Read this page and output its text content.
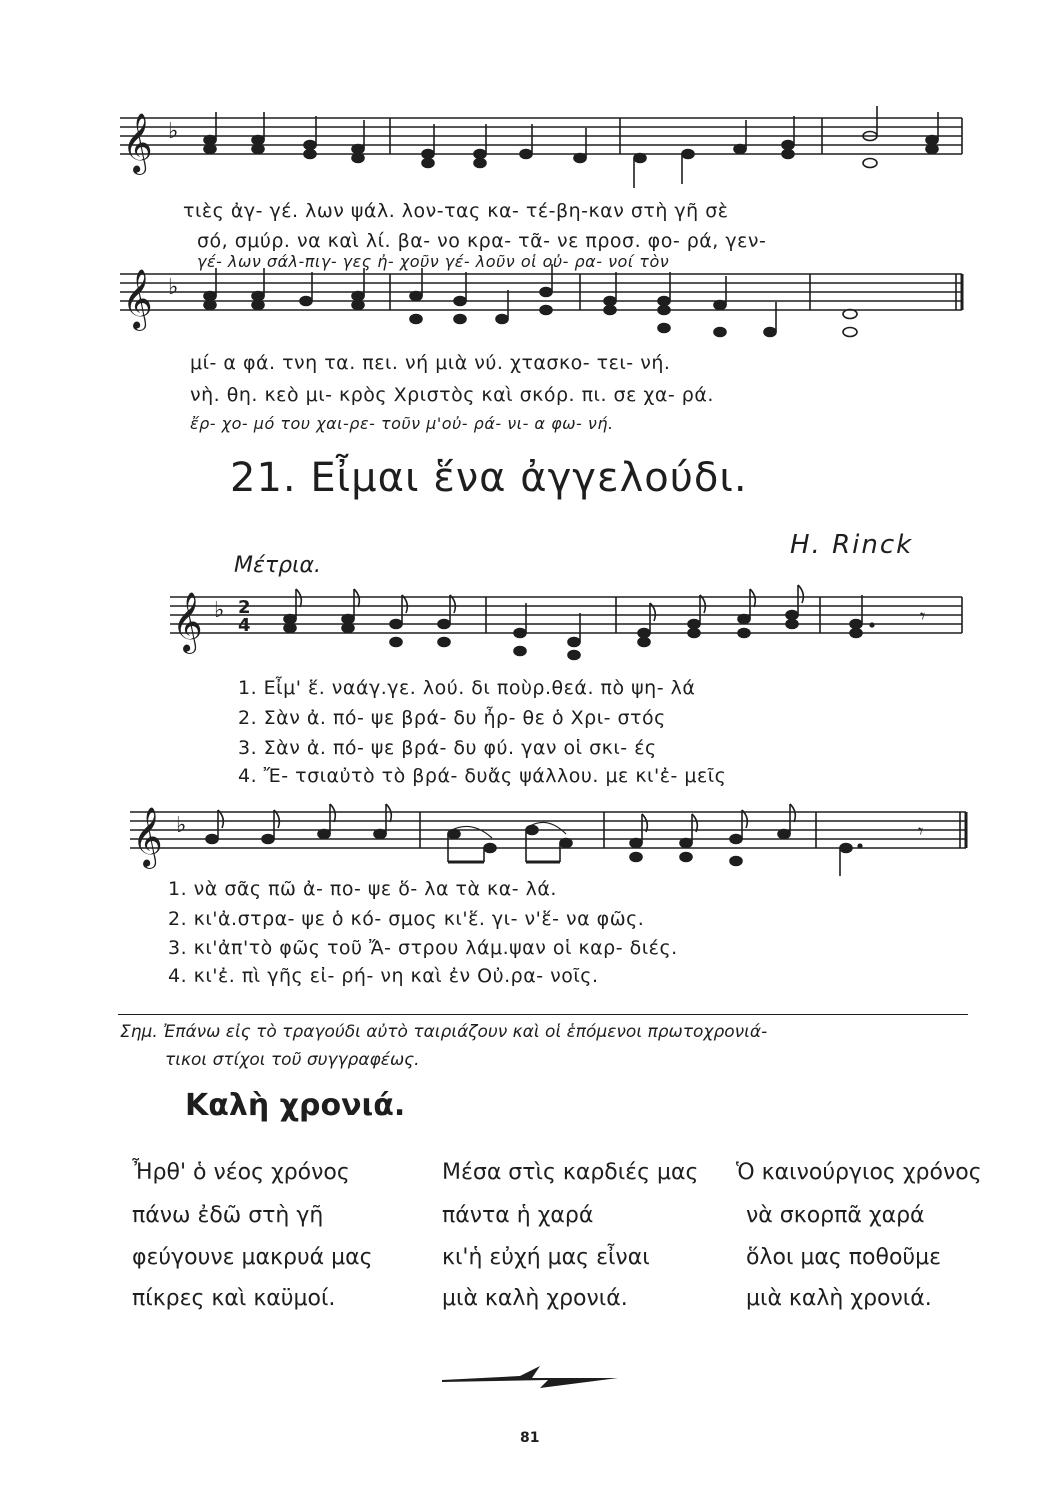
𝄞 ♭
τιὲς ἀγ- γέ. λων ψάλ. λον-τας κα- τέ-βη-καν στὴ γῆ σὲ
σό, σμύρ. να καὶ λί. βα- νο κρα- τᾶ- νε προσ. φο- ρά, γεν-
γέ- λων σάλ-πιγ- γες ἠ- χοῦν γέ- λοῦν οἱ οὐ- ρα- νοί τὸν
𝄞 ♭
μί- α φά. τνη τα. πει. νή μιὰ νύ. χτασκο- τει- νή.
νὴ. θη. κεὸ μι- κρὸς Χριστὸς καὶ σκόρ. πι. σε χα- ρά.
ἔρ- χο- μό του χαι-ρε- τοῦν μ'οὐ- ρά- νι- α φω- νή.
21. Εἶμαι ἕνα ἀγγελούδι.
H. Rinck
Μέτρια.
𝄞 ♭ 2
4	𝄾
1. Εἶμ' ἕ. ναάγ.γε. λού. δι ποὺρ.θεά. πὸ ψη- λά
2. Σὰν ἀ. πό- ψε βρά- δυ ἦρ- θε ὁ Χρι- στός
3. Σὰν ἀ. πό- ψε βρά- δυ φύ. γαν οἱ σκι- ές
4. Ἔ- τσιαὐτὸ τὸ βρά- δυἄς ψάλλου. με κι'ἐ- μεῖς
𝄞 ♭	𝄾
1. νὰ σᾶς πῶ ἀ- πο- ψε ὅ- λα τὰ κα- λά.
2. κι'ἀ.στρα- ψε ὁ κό- σμος κι'ἕ. γι- ν'ἕ- να φῶς.
3. κι'ἀπ'τὸ φῶς τοῦ Ἄ- στρου λάμ.ψαν οἱ καρ- διές.
4. κι'ἐ. πὶ γῆς εἰ- ρή- νη καὶ ἐν Οὐ.ρα- νοῖς.
Σημ. Ἐπάνω εἰς τὸ τραγούδι αὐτὸ ταιριάζουν καὶ οἱ ἑπόμενοι πρωτοχρονιά-
τικοι στίχοι τοῦ συγγραφέως.
Καλὴ χρονιά.
Ἦρθ' ὁ νέος χρόνος
πάνω ἐδῶ στὴ γῆ
φεύγουνε μακρυά μας
πίκρες καὶ καϋμοί.
Μέσα στὶς καρδιές μας
πάντα ἡ χαρά
κι'ἡ εὐχή μας εἶναι
μιὰ καλὴ χρονιά.
Ὁ καινούργιος χρόνος
νὰ σκορπᾶ χαρά
ὅλοι μας ποθοῦμε
μιὰ καλὴ χρονιά.
81
